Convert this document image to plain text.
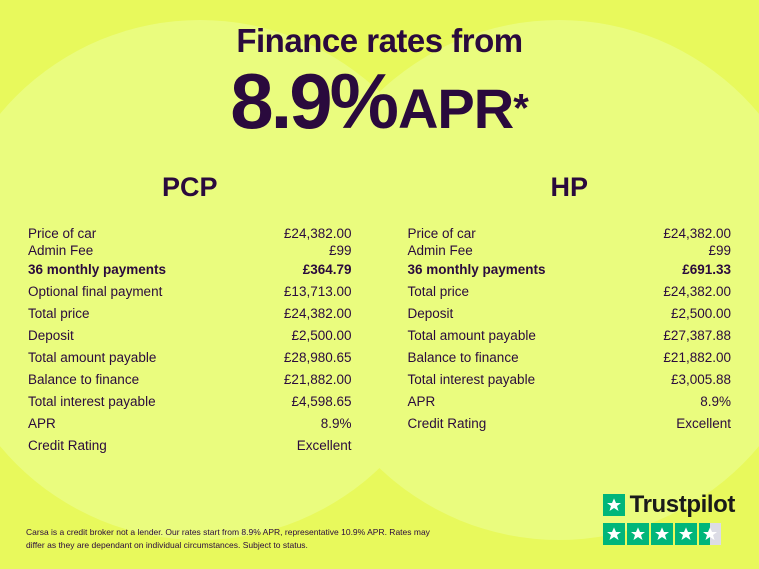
Finance rates from
8.9%APR*
PCP
Price of car	£24,382.00
Admin Fee	£99
36 monthly payments	£364.79
Optional final payment	£13,713.00
Total price	£24,382.00
Deposit	£2,500.00
Total amount payable	£28,980.65
Balance to finance	£21,882.00
Total interest payable	£4,598.65
APR	8.9%
Credit Rating	Excellent
HP
Price of car	£24,382.00
Admin Fee	£99
36 monthly payments	£691.33
Total price	£24,382.00
Deposit	£2,500.00
Total amount payable	£27,387.88
Balance to finance	£21,882.00
Total interest payable	£3,005.88
APR	8.9%
Credit Rating	Excellent
Carsa is a credit broker not a lender. Our rates start from 8.9% APR, representative 10.9% APR. Rates may differ as they are dependant on individual circumstances. Subject to status.
Trustpilot
